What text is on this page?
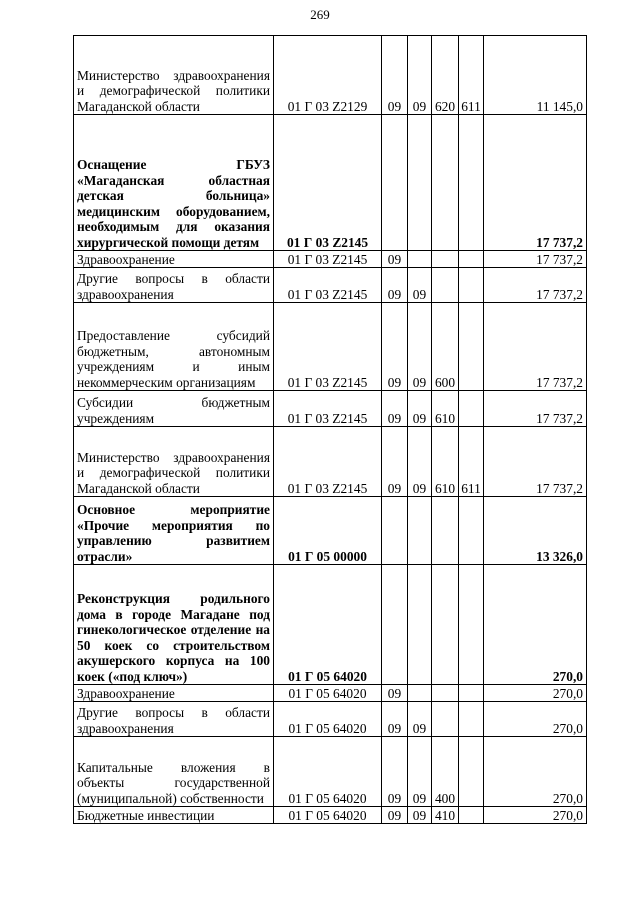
269
Министерство здравоохранения и демографической политики Магаданской области	01 Г 03 Z2129	09	09	620	611	11 145,0
Оснащение ГБУЗ «Магаданская областная детская больница» медицинским оборудованием, необходимым для оказания хирургической помощи детям	01 Г 03 Z2145					17 737,2
Здравоохранение	01 Г 03 Z2145	09				17 737,2
Другие вопросы в области здравоохранения	01 Г 03 Z2145	09	09			17 737,2
Предоставление субсидий бюджетным, автономным учреждениям и иным некоммерческим организациям	01 Г 03 Z2145	09	09	600		17 737,2
Субсидии бюджетным учреждениям	01 Г 03 Z2145	09	09	610		17 737,2
Министерство здравоохранения и демографической политики Магаданской области	01 Г 03 Z2145	09	09	610	611	17 737,2
Основное мероприятие «Прочие мероприятия по управлению развитием отрасли»	01 Г 05 00000					13 326,0
Реконструкция родильного дома в городе Магадане под гинекологическое отделение на 50 коек со строительством акушерского корпуса на 100 коек («под ключ»)	01 Г 05 64020					270,0
Здравоохранение	01 Г 05 64020	09				270,0
Другие вопросы в области здравоохранения	01 Г 05 64020	09	09			270,0
Капитальные вложения в объекты государственной (муниципальной) собственности	01 Г 05 64020	09	09	400		270,0
Бюджетные инвестиции	01 Г 05 64020	09	09	410		270,0
